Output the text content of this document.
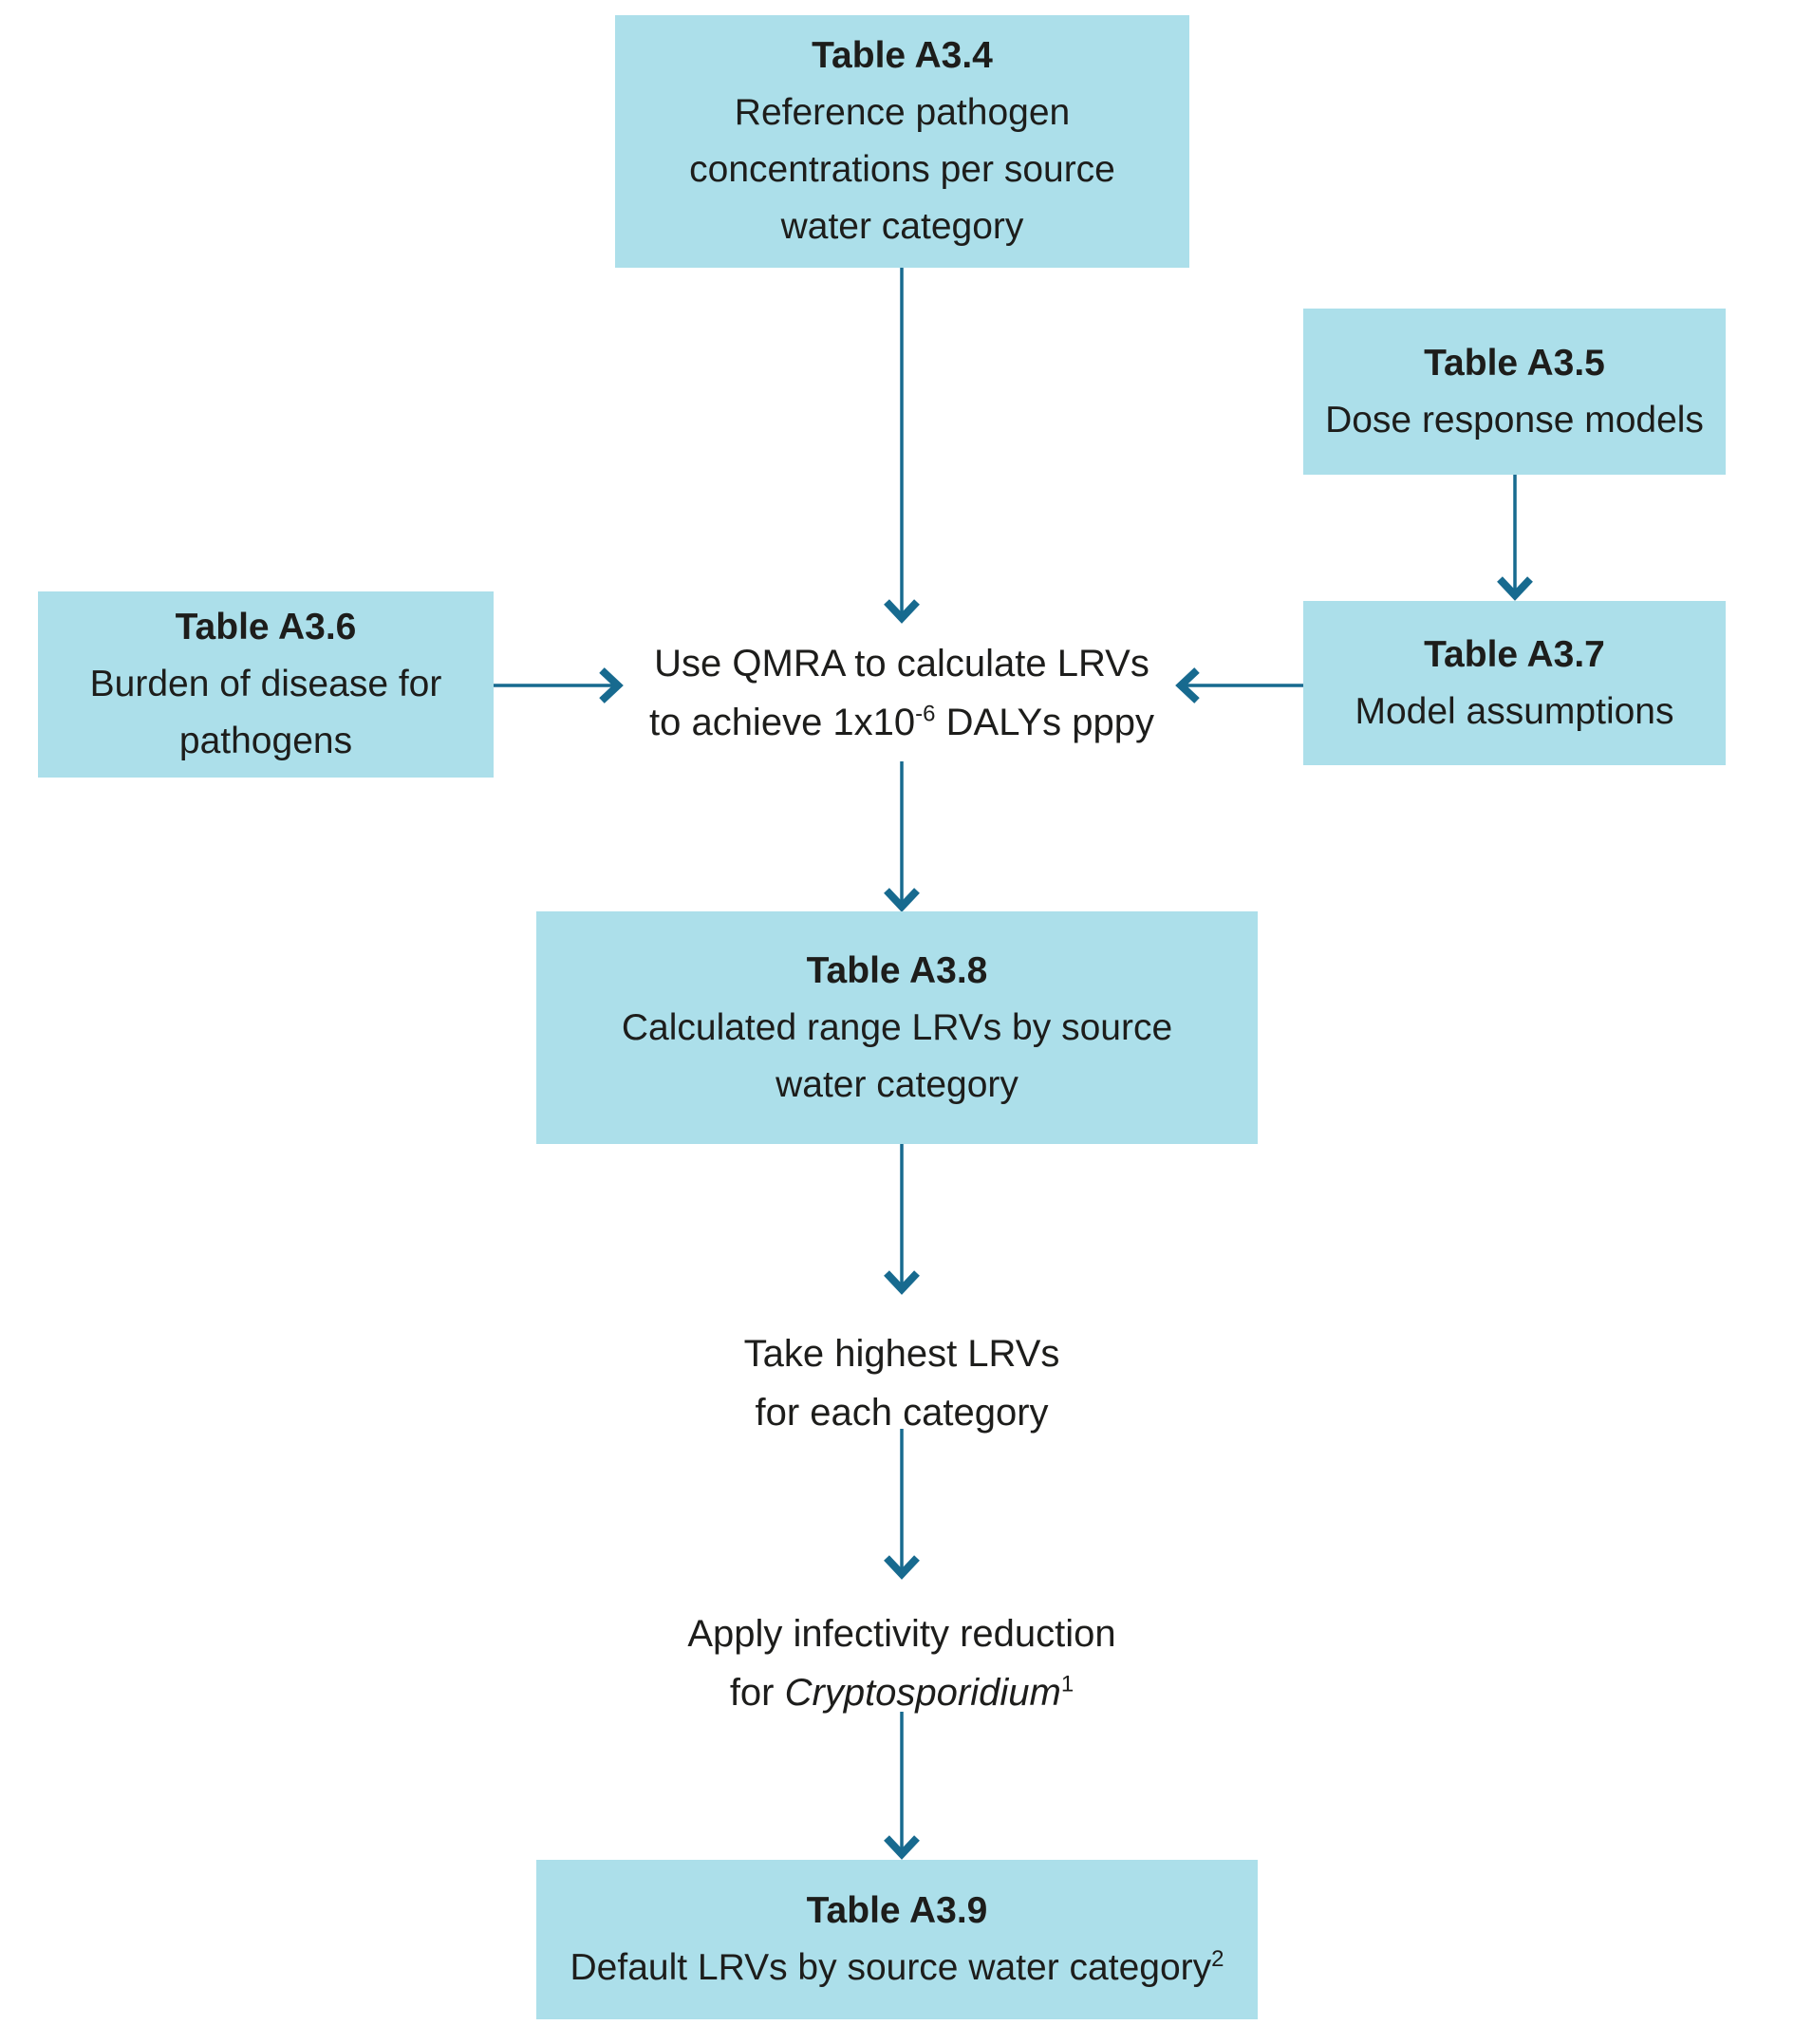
Table A3.4
Reference pathogen concentrations per source water category
Table A3.5
Dose response models
Table A3.6
Burden of disease for pathogens
Use QMRA to calculate LRVs
to achieve $1x10^{-6}$ DALYs pppy
Table A3.7
Model assumptions
Table A3.8
Calculated range LRVs by source water category
Take highest LRVs
for each category
Apply infectivity reduction
for Cryptosporidium$^1$
Table A3.9
Default LRVs by source water category$^2$
